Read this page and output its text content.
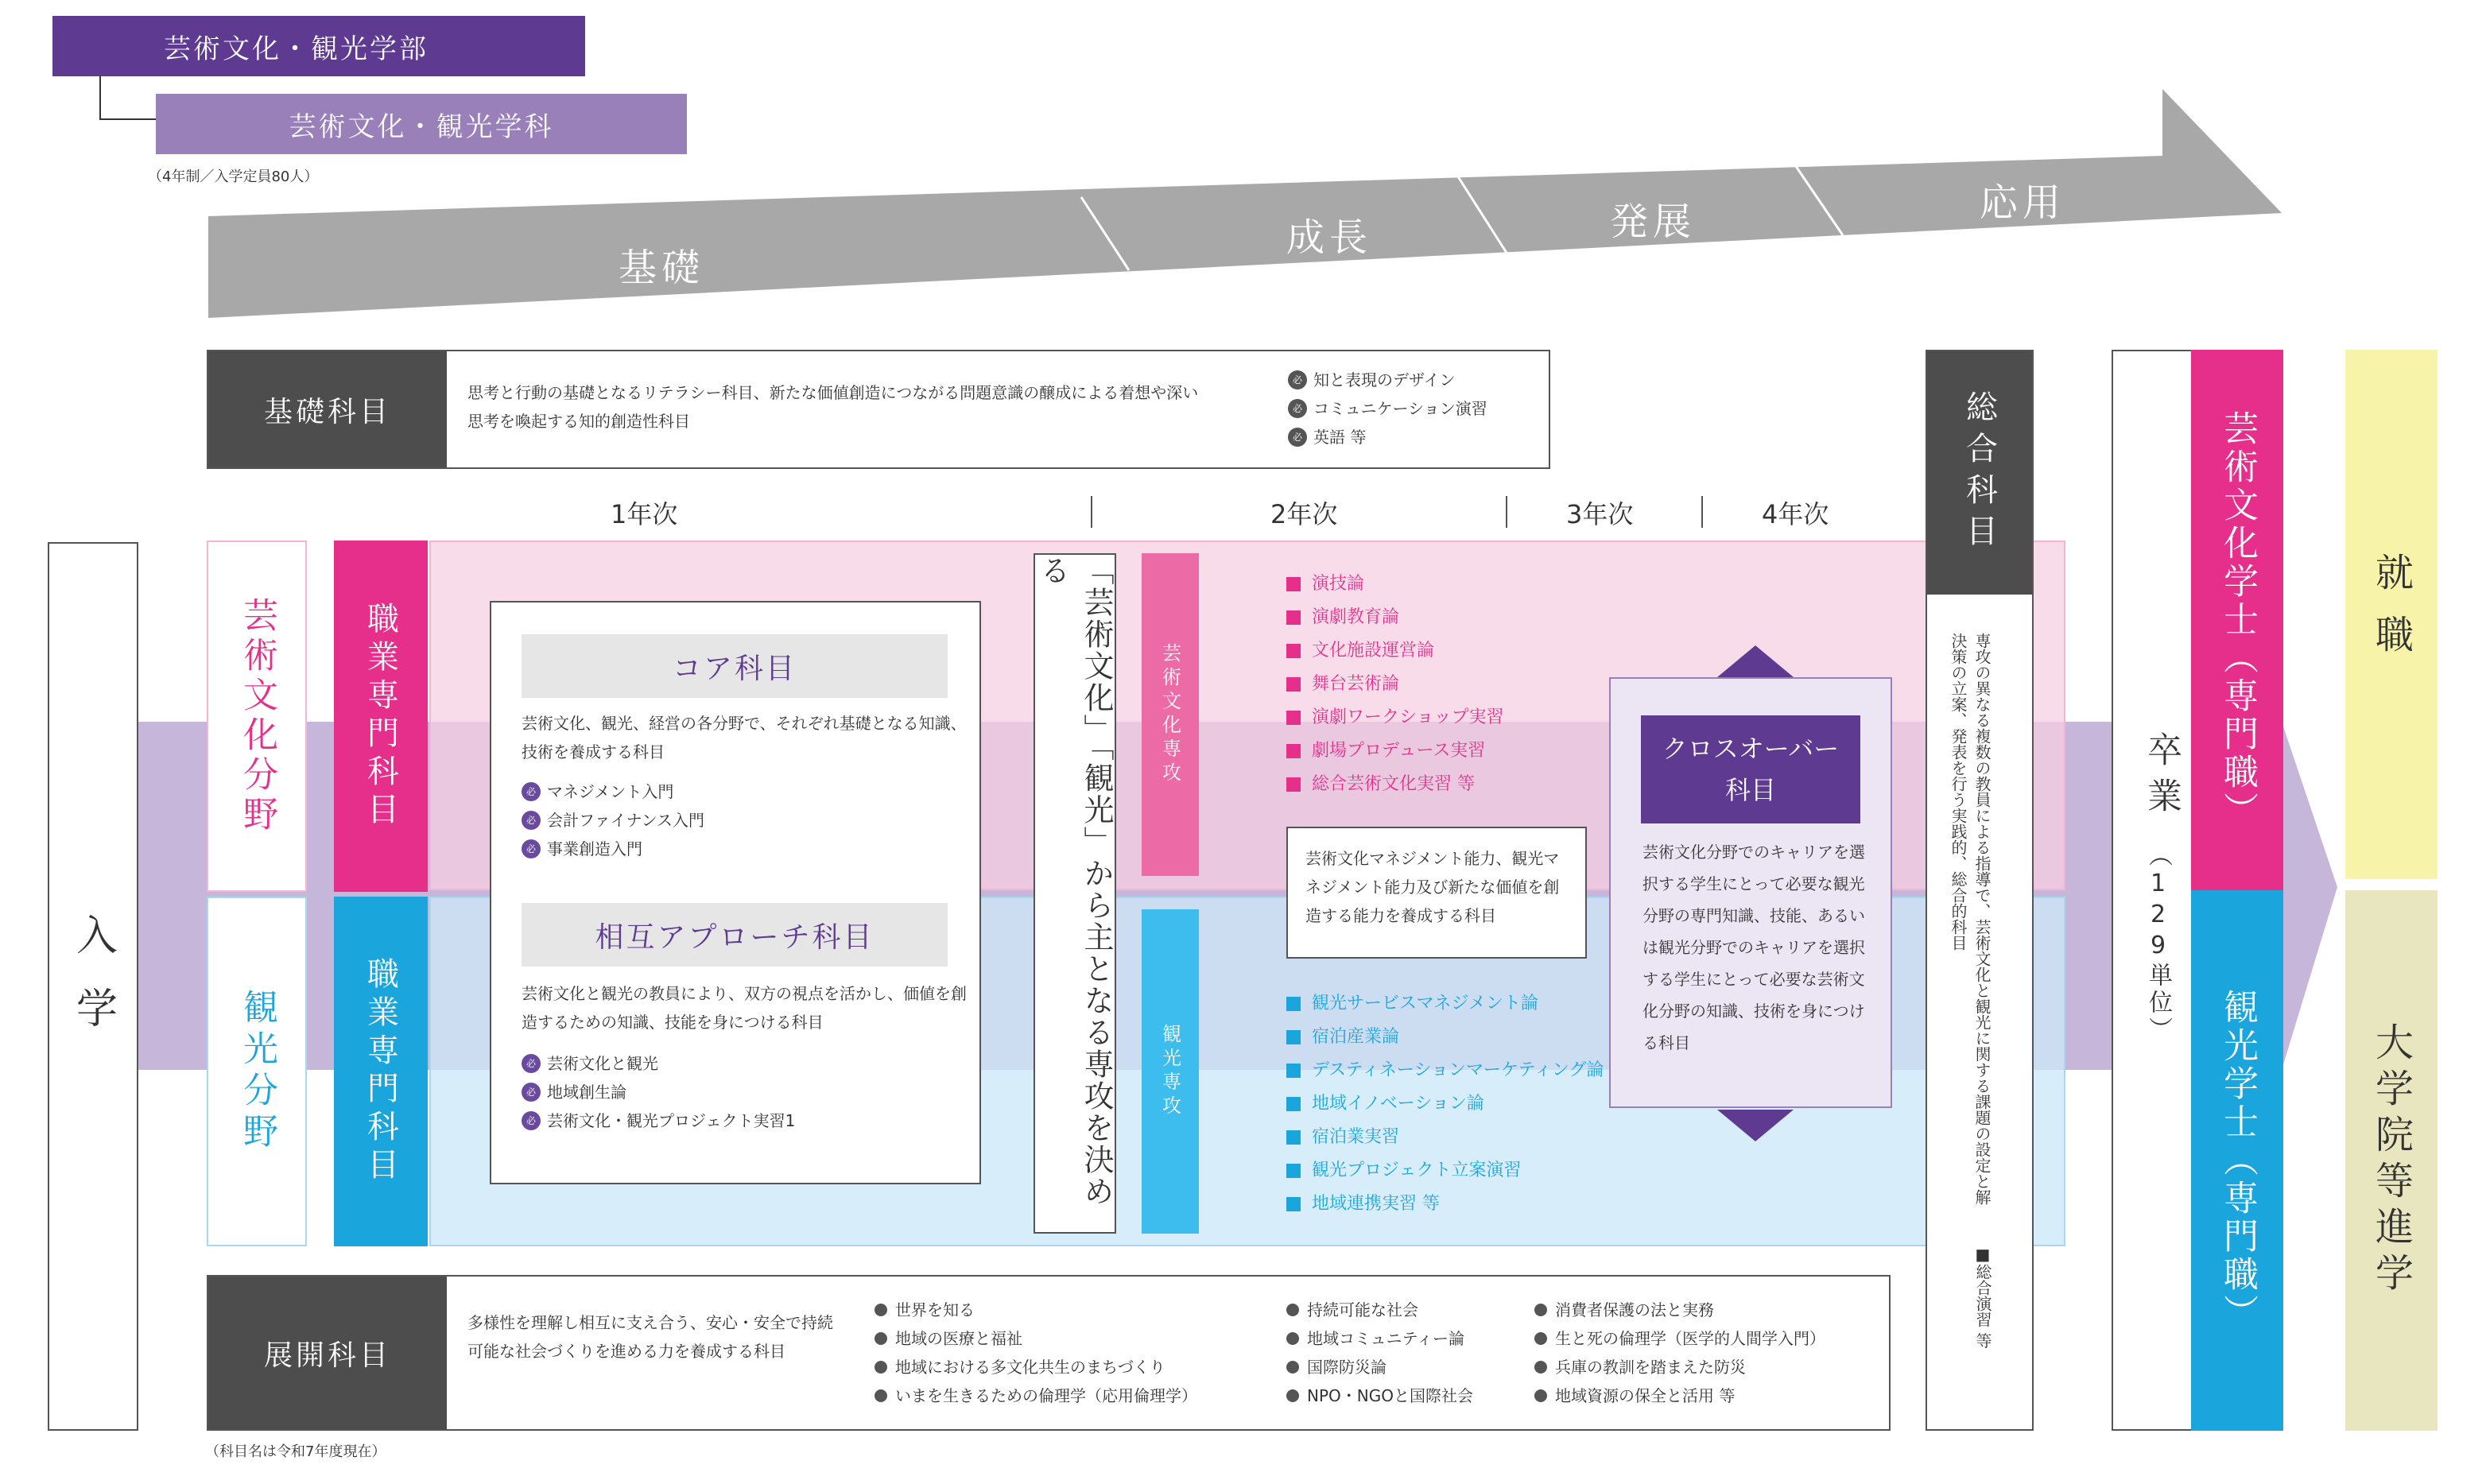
芸術文化・観光学部
芸術文化・観光学科
（4年制／入学定員80人）
基礎
成長	発展	応用
基礎科目
思考と行動の基礎となるリテラシー科目、新たな価値創造につながる問題意識の醸成による着想や深い思考を喚起する知的創造性科目
必 知と表現のデザイン
必 コミュニケーション演習
必 英語 等
1年次	2年次	3年次	4年次
入学
芸術文化分野
観光分野
職業専門科目
職業専門科目
コア科目
芸術文化、観光、経営の各分野で、それぞれ基礎となる知識、技術を養成する科目
必 マネジメント入門
必 会計ファイナンス入門
必 事業創造入門
相互アプローチ科目
芸術文化と観光の教員により、双方の視点を活かし、価値を創造するための知識、技能を身につける科目
必 芸術文化と観光
必 地域創生論
必 芸術文化・観光プロジェクト実習1	「芸術文化」「観光」から主となる専攻を決める
芸術文化専攻
観光専攻
演技論
演劇教育論
文化施設運営論
舞台芸術論
演劇ワークショップ実習
劇場プロデュース実習
総合芸術文化実習 等
芸術文化マネジメント能力、観光マネジメント能力及び新たな価値を創造する能力を養成する科目
観光サービスマネジメント論
宿泊産業論
デスティネーションマーケティング論
地域イノベーション論
宿泊業実習
観光プロジェクト立案演習
地域連携実習 等
クロスオーバー科目
芸術文化分野でのキャリアを選択する学生にとって必要な観光分野の専門知識、技能、あるいは観光分野でのキャリアを選択する学生にとって必要な芸術文化分野の知識、技術を身につける科目
総合科目
専攻の異なる複数の教員による指導で、芸術文化と観光に関する課題の設定と解決策の立案、発表を行う実践的、総合的科目
■総合演習 等
卒業
（129単位）
芸術文化学士（専門職）
観光学士（専門職）
就職
大学院等進学
展開科目
多様性を理解し相互に支え合う、安心・安全で持続可能な社会づくりを進める力を養成する科目
世界を知る
地域の医療と福祉
地域における多文化共生のまちづくり
いまを生きるための倫理学（応用倫理学）
持続可能な社会
地域コミュニティー論
国際防災論
NPO・NGOと国際社会
消費者保護の法と実務
生と死の倫理学（医学的人間学入門）
兵庫の教訓を踏まえた防災
地域資源の保全と活用 等
（科目名は令和7年度現在）
